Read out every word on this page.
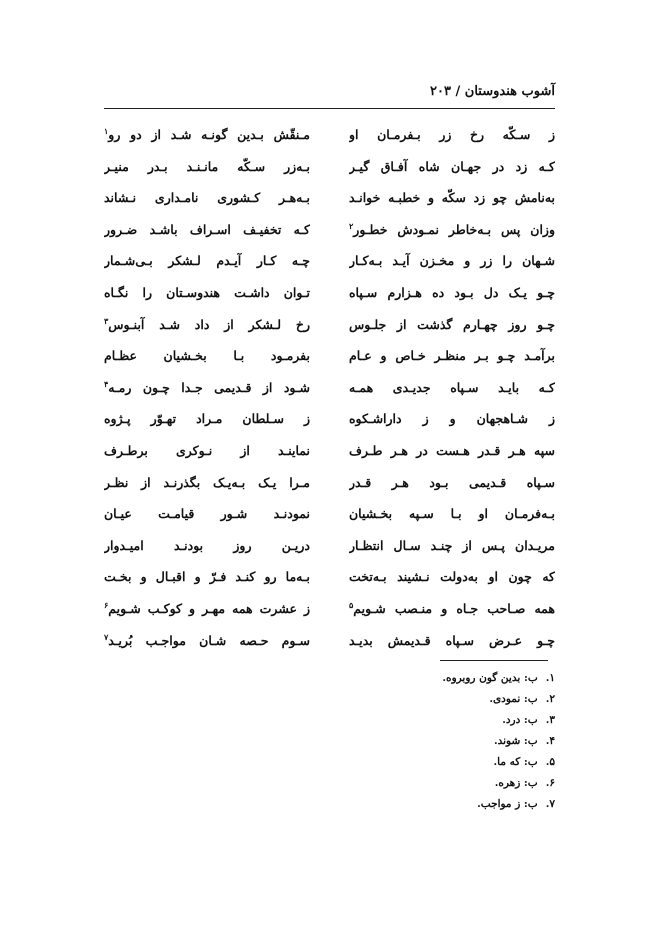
آشوب هندوستان / ۲۰۳
ز سـکّه رخ زر بـفرمـان او
مـنقّش بـدین گونـه شـد از دو رو$^۱$
کـه زد در جهـان شاه آفـاق گیـر
بـه‌زر سـکّه مانـنـد بـدر منیـر
به‌نامش چو زد سکّه و خطبـه خوانـد
بـه‌هـر کـشوری نامـداری نـشاند
وزان پس بـه‌خاطر نمـودش خطـور$^۲$
کـه تخفیـف اسـراف باشـد ضـرور
شـهان را زر و مخـزن آیـد بـه‌کـار
چـه کـار آیـدم لـشکر بـی‌شـمار
چـو یـک دل بـود ده هـزارم سـپاه
تـوان داشـت هندوسـتان را نگـاه
چـو روز چهـارم گذشت از جلـوس
رخ لـشکر از داد شـد آبنـوس$^۳$
برآمـد چـو بـر منظـر خـاص و عـام
بفرمـود بـا بخـشیان عظـام
کـه بایـد سـپاه جدیـدی همـه
شـود از قـدیمی جـدا چـون رمـه$^۴$
ز شـاهجهان و ز داراشـکوه
ز سـلطان مـراد تهـوّر پـژوه
سپه هـر قـدر هـست در هـر طـرف
نماینـد از نـوکری برطـرف
سـپاه قـدیمی بـود هـر قـدر
مـرا یـک بـه‌یـک بگذرنـد از نظـر
بـه‌فرمـان او بـا سـپه بخـشیان
نمودنـد شـور قیامـت عیـان
مریـدان پـس از چنـد سـال انتظـار
دریـن روز بودنـد امیـدوار
که چون او به‌دولت نـشیند بـه‌تخت
بـه‌ما رو کنـد فـرّ و اقبـال و بخـت
همه صـاحب جـاه و منـصب شـویم$^۵$
ز عشرت همه مهـر و کوکـب شـویم$^۶$
چـو عـرض سـپاه قـدیمش بدیـد
سـوم حـصه شـان مواجـب بُریـد$^۷$
۱.ب: بدین گون روبروه.
۲.ب: نمودی.
۳.ب: درد.
۴.ب: شوند.
۵.ب: که ما.
۶.ب: زهره.
۷.ب: ز مواجب.
